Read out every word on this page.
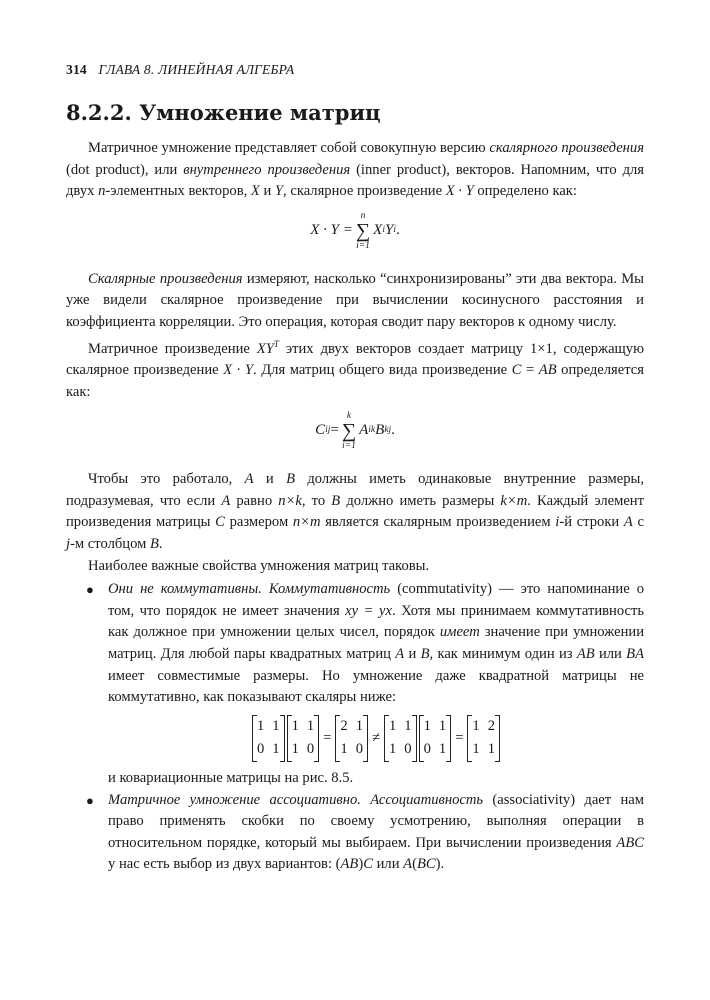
314 ГЛАВА 8. ЛИНЕЙНАЯ АЛГЕБРА
8.2.2. Умножение матриц

Матричное умножение представляет собой совокупную версию скалярного произведения (dot product), или внутреннего произведения (inner product), векторов. Напомним, что для двух n-элементных векторов, X и Y, скалярное произведение X · Y определено как:

X · Y =
n
∑
i=1
X i Y i .

Скалярные произведения измеряют, насколько “синхронизированы” эти два вектора. Мы уже видели скалярное произведение при вычислении косинусного расстояния и коэффициента корреляции. Это операция, которая сводит пару векторов к одному числу.

Матричное произведение $XY^T$ этих двух векторов создает матрицу 1×1, содержащую скалярное произведение X · Y. Для матриц общего вида произведение C = AB определяется как:

C ij =
k
∑
i=1
A ik B kj .

Чтобы это работало, A и B должны иметь одинаковые внутренние размеры, подразумевая, что если A равно n×k, то B должно иметь размеры k×m. Каждый элемент произведения матрицы C размером n×m является скалярным произведением i-й строки A с j-м столбцом B.

Наиболее важные свойства умножения матриц таковы.

● Они не коммутативны. Коммутативность (commutativity) — это напоминание о том, что порядок не имеет значения xy = yx. Хотя мы принимаем коммутативность как должное при умножении целых чисел, порядок имеет значение при умножении матриц. Для любой пары квадратных матриц A и B, как минимум один из AB или BA имеет совместимые размеры. Но умножение даже квадратной матрицы не коммутативно, как показывают скаляры ниже:
1 1
0 1
1 1
1 0
=
2 1
1 0
≠
1 1
1 0
1 1
0 1
=
1 2
1 1
и ковариационные матрицы на рис. 8.5.
● Матричное умножение ассоциативно. Ассоциативность (associativity) дает нам право применять скобки по своему усмотрению, выполняя операции в относительном порядке, который мы выбираем. При вычислении произведения ABC у нас есть выбор из двух вариантов: (AB)C или A(BC).
